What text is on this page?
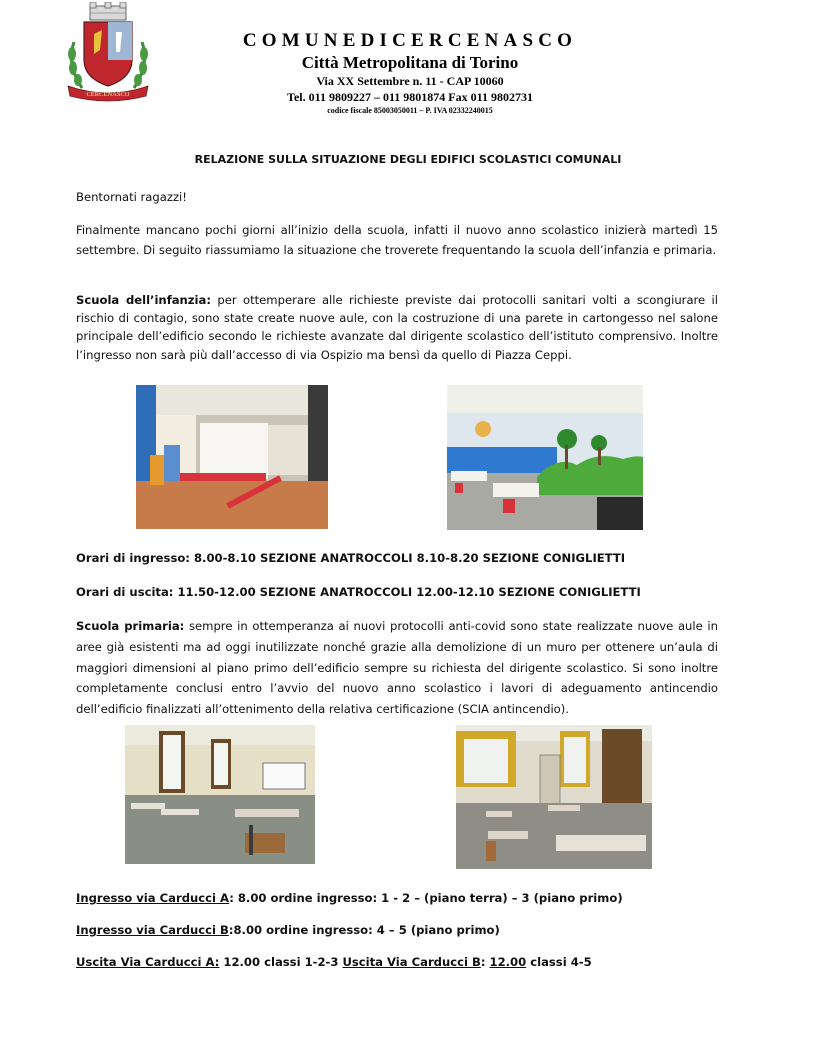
CERCENASCO
COMUNEDICERCENASCO
Città Metropolitana di Torino
Via XX Settembre n. 11 - CAP 10060
Tel. 011 9809227 – 011 9801874 Fax 011 9802731
codice fiscale 85003050011 – P. IVA 02332240015
RELAZIONE SULLA SITUAZIONE DEGLI EDIFICI SCOLASTICI COMUNALI
Bentornati ragazzi!
Finalmente mancano pochi giorni all’inizio della scuola, infatti il nuovo anno scolastico inizierà martedì 15 settembre. Di seguito riassumiamo la situazione che troverete frequentando la scuola dell’infanzia e primaria.
Scuola dell’infanzia: per ottemperare alle richieste previste dai protocolli sanitari volti a scongiurare il rischio di contagio, sono state create nuove aule, con la costruzione di una parete in cartongesso nel salone principale dell’edificio secondo le richieste avanzate dal dirigente scolastico dell’istituto comprensivo. Inoltre l’ingresso non sarà più dall’accesso di via Ospizio ma bensì da quello di Piazza Ceppi.
Orari di ingresso: 8.00-8.10 SEZIONE ANATROCCOLI 8.10-8.20 SEZIONE CONIGLIETTI
Orari di uscita: 11.50-12.00 SEZIONE ANATROCCOLI 12.00-12.10 SEZIONE CONIGLIETTI
Scuola primaria: sempre in ottemperanza ai nuovi protocolli anti-covid sono state realizzate nuove aule in aree già esistenti ma ad oggi inutilizzate nonché grazie alla demolizione di un muro per ottenere un’aula di maggiori dimensioni al piano primo dell’edificio sempre su richiesta del dirigente scolastico. Si sono inoltre completamente conclusi entro l’avvio del nuovo anno scolastico i lavori di adeguamento antincendio dell’edificio finalizzati all’ottenimento della relativa certificazione (SCIA antincendio).
Ingresso via Carducci A: 8.00 ordine ingresso: 1 - 2 – (piano terra) – 3 (piano primo)
Ingresso via Carducci B:8.00 ordine ingresso: 4 – 5 (piano primo)
Uscita Via Carducci A: 12.00 classi 1-2-3 Uscita Via Carducci B: 12.00 classi 4-5
